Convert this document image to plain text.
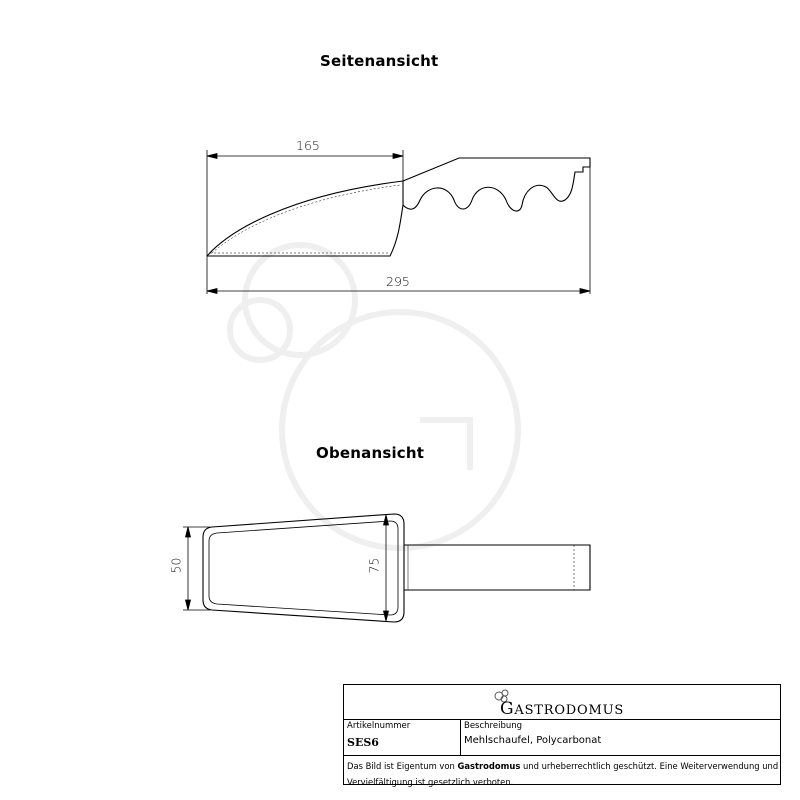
Seitenansicht
Obenansicht
165
295
50	75
GASTRODOMUS
Artikelnummer	Beschreibung
SES6	Mehlschaufel, Polycarbonat
Das Bild ist Eigentum von Gastrodomus und urheberrechtlich geschützt. Eine Weiterverwendung und Vervielfältigung ist gesetzlich verboten.
